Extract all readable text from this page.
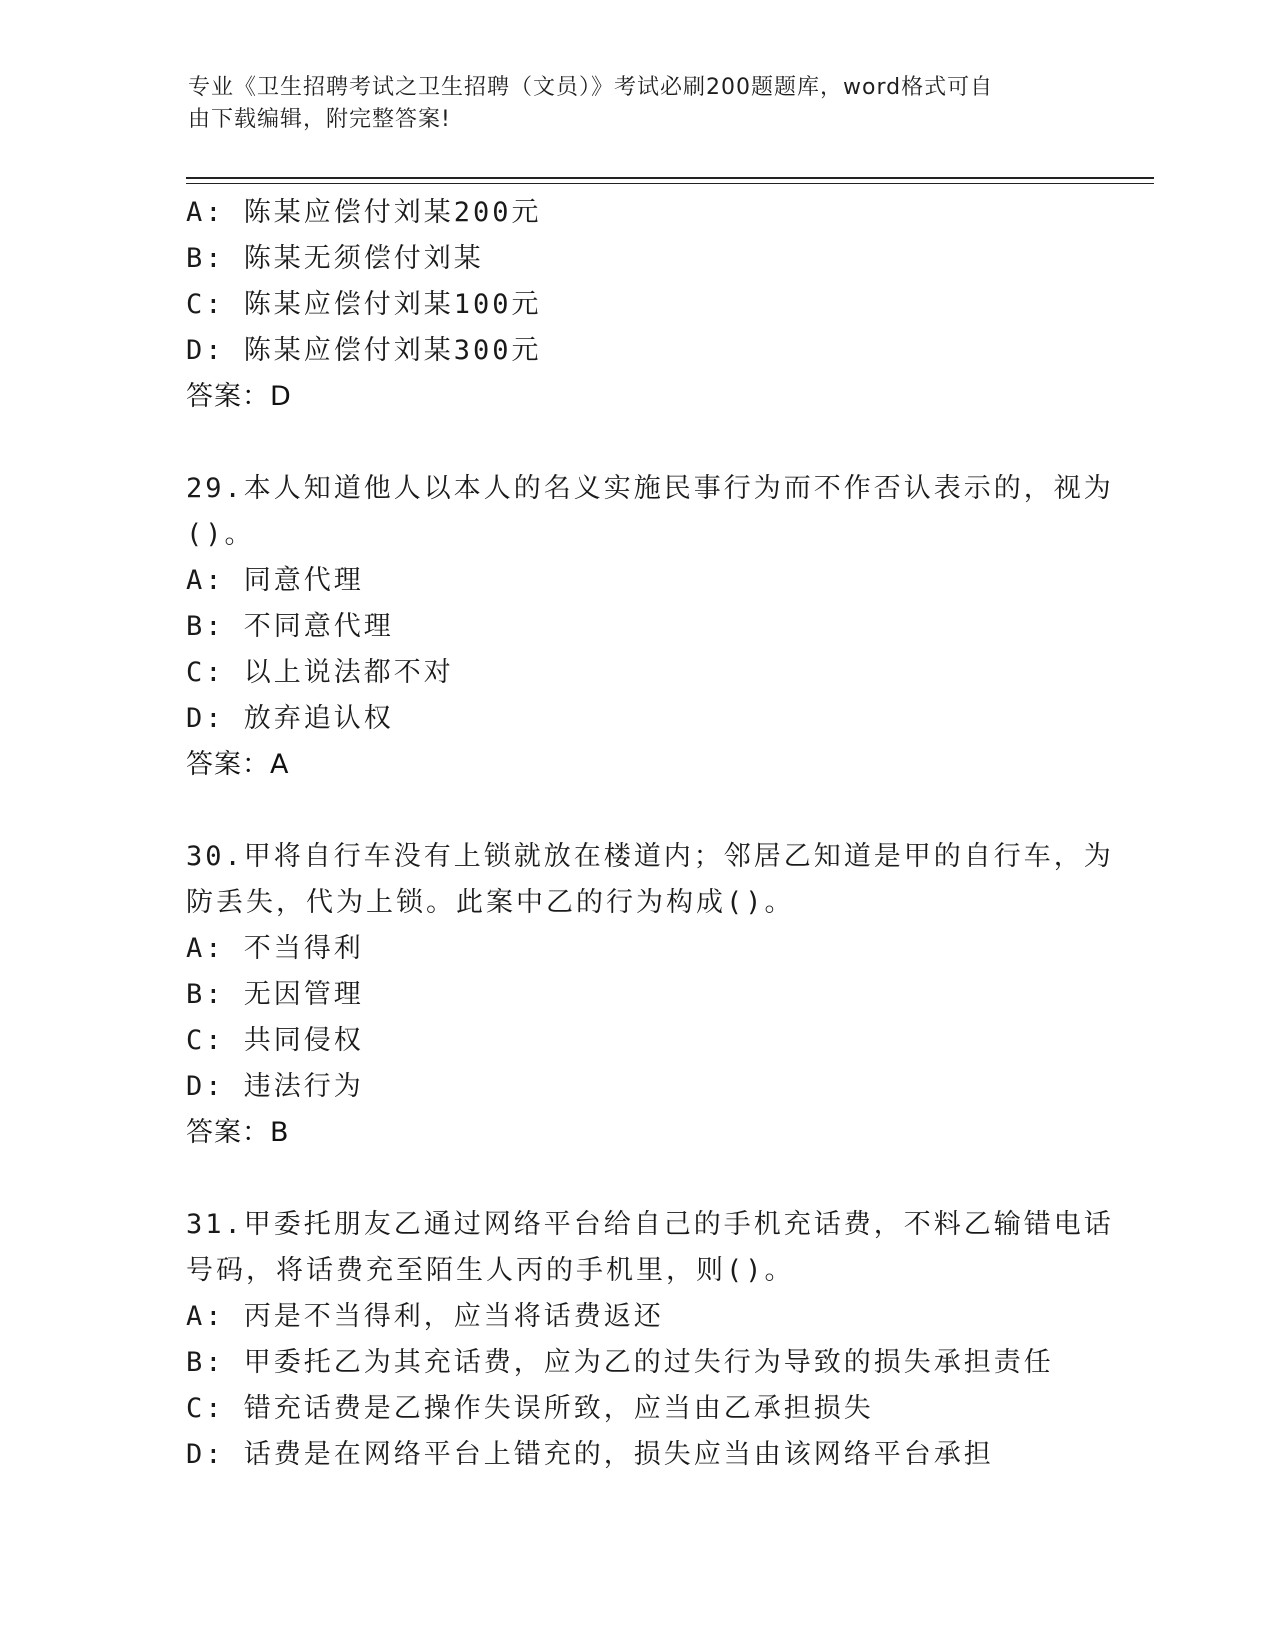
专业《卫生招聘考试之卫生招聘（文员）》考试必刷200题题库，word格式可自
由下载编辑，附完整答案!
A: 陈某应偿付刘某200元
B: 陈某无须偿付刘某
C: 陈某应偿付刘某100元
D: 陈某应偿付刘某300元
答案：D
29.本人知道他人以本人的名义实施民事行为而不作否认表示的，视为
()。
A: 同意代理
B: 不同意代理
C: 以上说法都不对
D: 放弃追认权
答案：A
30.甲将自行车没有上锁就放在楼道内；邻居乙知道是甲的自行车，为
防丢失，代为上锁。此案中乙的行为构成()。
A: 不当得利
B: 无因管理
C: 共同侵权
D: 违法行为
答案：B
31.甲委托朋友乙通过网络平台给自己的手机充话费，不料乙输错电话
号码，将话费充至陌生人丙的手机里，则()。
A: 丙是不当得利，应当将话费返还
B: 甲委托乙为其充话费，应为乙的过失行为导致的损失承担责任
C: 错充话费是乙操作失误所致，应当由乙承担损失
D: 话费是在网络平台上错充的，损失应当由该网络平台承担
